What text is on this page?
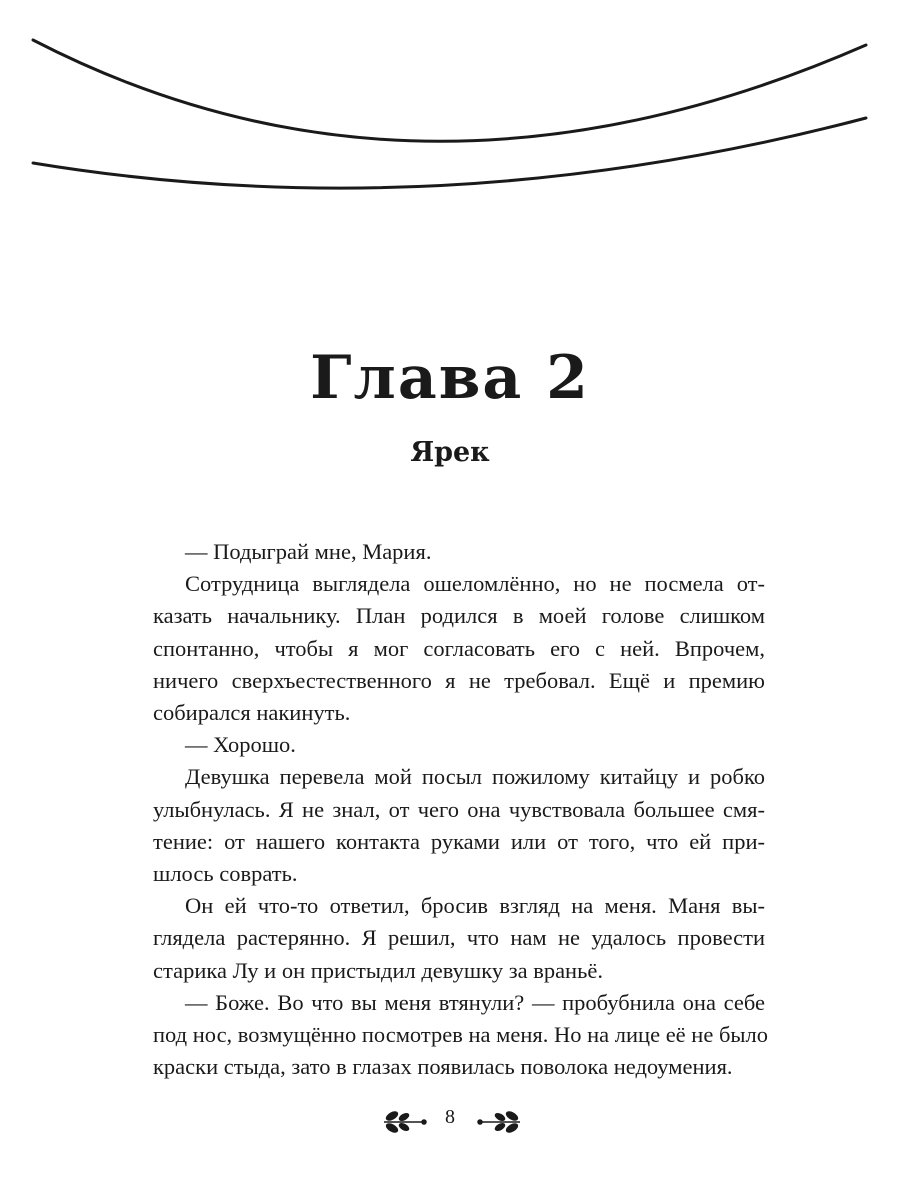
Глава 2
Ярек
— Подыграй мне, Мария.
Сотрудница выглядела ошеломлённо, но не посмела от-
казать начальнику. План родился в моей голове слишком
спонтанно, чтобы я мог согласовать его с ней. Впрочем,
ничего сверхъестественного я не требовал. Ещё и премию
собирался накинуть.
— Хорошо.
Девушка перевела мой посыл пожилому китайцу и робко
улыбнулась. Я не знал, от чего она чувствовала большее смя-
тение: от нашего контакта руками или от того, что ей при-
шлось соврать.
Он ей что-то ответил, бросив взгляд на меня. Маня вы-
глядела растерянно. Я решил, что нам не удалось провести
старика Лу и он пристыдил девушку за враньё.
— Боже. Во что вы меня втянули? — пробубнила она себе
под нос, возмущённо посмотрев на меня. Но на лице её не было
краски стыда, зато в глазах появилась поволока недоумения.
8
